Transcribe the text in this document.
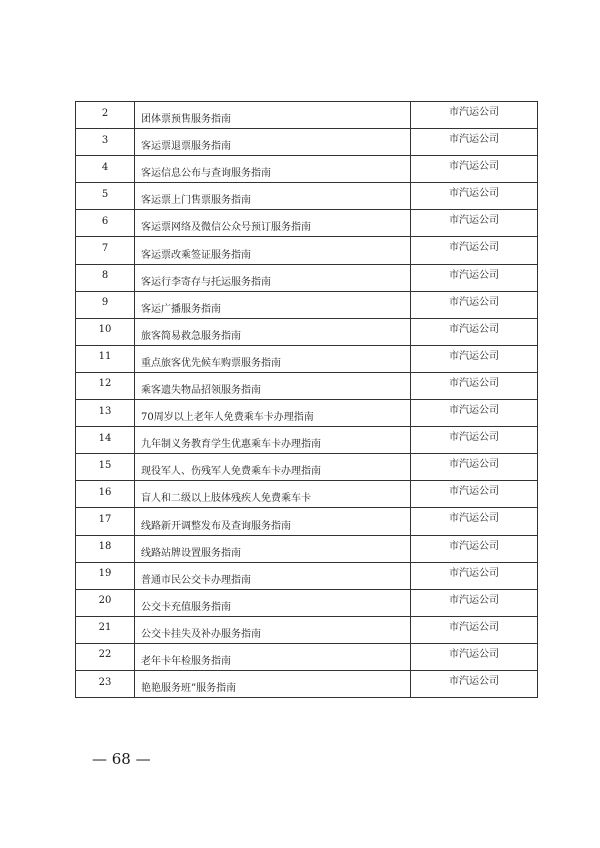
2	团体票预售服务指南	市汽运公司
3	客运票退票服务指南	市汽运公司
4	客运信息公布与查询服务指南	市汽运公司
5	客运票上门售票服务指南	市汽运公司
6	客运票网络及微信公众号预订服务指南	市汽运公司
7	客运票改乘签证服务指南	市汽运公司
8	客运行李寄存与托运服务指南	市汽运公司
9	客运广播服务指南	市汽运公司
10	旅客简易救急服务指南	市汽运公司
11	重点旅客优先候车购票服务指南	市汽运公司
12	乘客遗失物品招领服务指南	市汽运公司
13	70周岁以上老年人免费乘车卡办理指南	市汽运公司
14	九年制义务教育学生优惠乘车卡办理指南	市汽运公司
15	现役军人、伤残军人免费乘车卡办理指南	市汽运公司
16	盲人和二级以上肢体残疾人免费乘车卡	市汽运公司
17	线路新开调整发布及查询服务指南	市汽运公司
18	线路站牌设置服务指南	市汽运公司
19	普通市民公交卡办理指南	市汽运公司
20	公交卡充值服务指南	市汽运公司
21	公交卡挂失及补办服务指南	市汽运公司
22	老年卡年检服务指南	市汽运公司
23	艳艳服务班”服务指南	市汽运公司
— 68 —
